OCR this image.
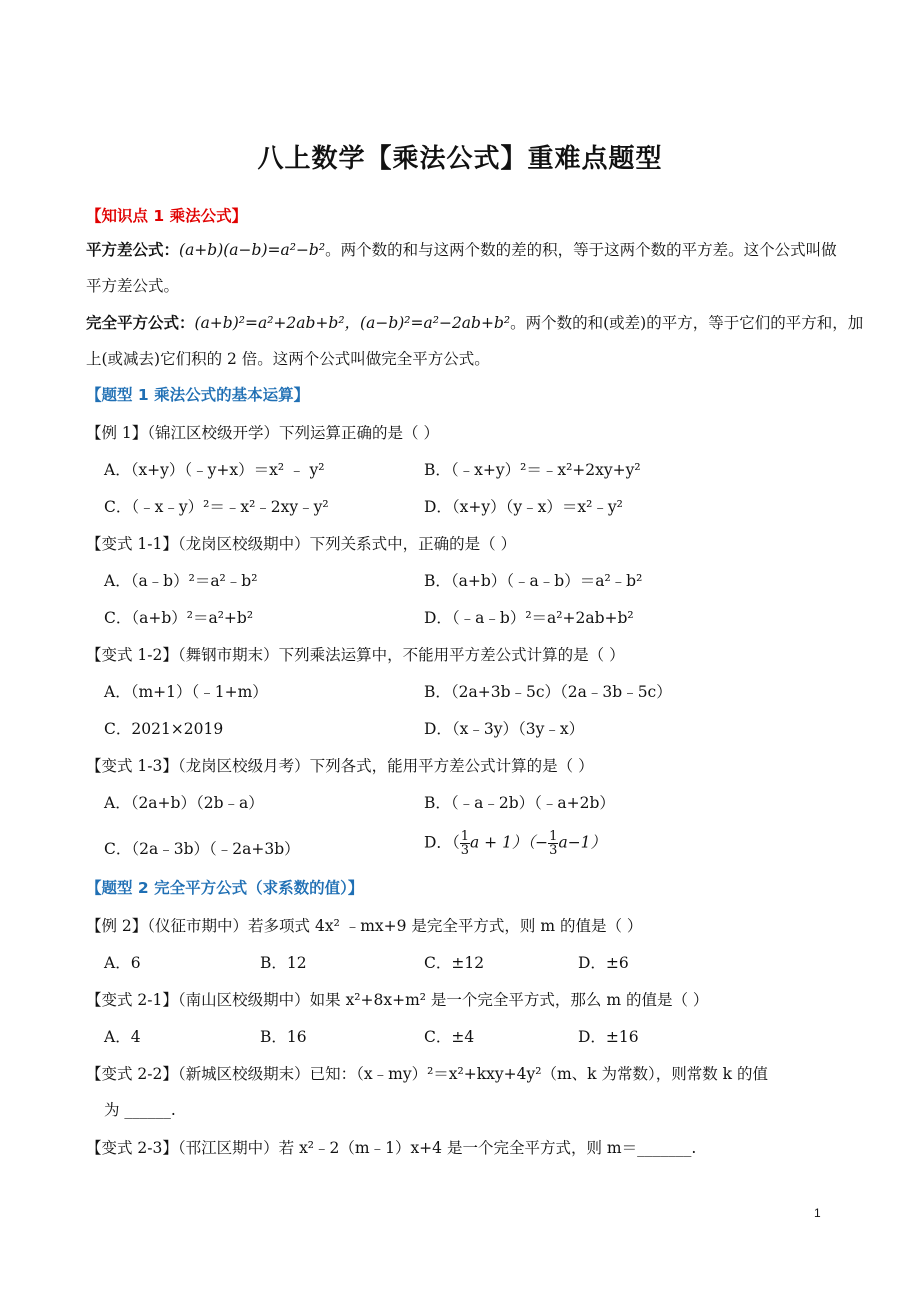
八上数学【乘法公式】重难点题型
【知识点 1 乘法公式】
平方差公式：(a+b)(a−b)=a²−b²。两个数的和与这两个数的差的积，等于这两个数的平方差。这个公式叫做
平方差公式。
完全平方公式：(a+b)²=a²+2ab+b²，(a−b)²=a²−2ab+b²。两个数的和(或差)的平方，等于它们的平方和，加
上(或减去)它们积的 2 倍。这两个公式叫做完全平方公式。
【题型 1 乘法公式的基本运算】
【例 1】（锦江区校级开学）下列运算正确的是（ ）
A．（x+y）（﹣y+x）＝x² ﹣ y²	B．（﹣x+y）²＝﹣x²+2xy+y²
C．（﹣x﹣y）²＝﹣x²﹣2xy﹣y²	D．（x+y）（y﹣x）＝x²﹣y²
【变式 1-1】（龙岗区校级期中）下列关系式中，正确的是（ ）
A．（a﹣b）²＝a²﹣b²	B．（a+b）（﹣a﹣b）＝a²﹣b²
C．（a+b）²＝a²+b²	D．（﹣a﹣b）²＝a²+2ab+b²
【变式 1-2】（舞钢市期末）下列乘法运算中，不能用平方差公式计算的是（ ）
A．（m+1）（﹣1+m）	B．（2a+3b﹣5c）（2a﹣3b﹣5c）
C．2021×2019	D．（x﹣3y）（3y﹣x）
【变式 1-3】（龙岗区校级月考）下列各式，能用平方差公式计算的是（ ）
A．（2a+b）（2b﹣a）	B．（﹣a﹣2b）（﹣a+2b）
C．（2a﹣3b）（﹣2a+3b）	D．（ $\frac{1}{3}$ $a + 1)(- \frac{1}{3} a-1)$
【题型 2 完全平方公式（求系数的值）】
【例 2】（仪征市期中）若多项式 4x² ﹣mx+9 是完全平方式，则 m 的值是（ ）
A．6	B．12	C．±12	D．±6
【变式 2-1】（南山区校级期中）如果 x²+8x+m² 是一个完全平方式，那么 m 的值是（ ）
A．4	B．16	C．±4	D．±16
【变式 2-2】（新城区校级期末）已知：（x﹣my）²＝x²+kxy+4y²（m、k 为常数），则常数 k 的值
为 ______.
【变式 2-3】（邗江区期中）若 x²﹣2（m﹣1）x+4 是一个完全平方式，则 m＝_______.
1
